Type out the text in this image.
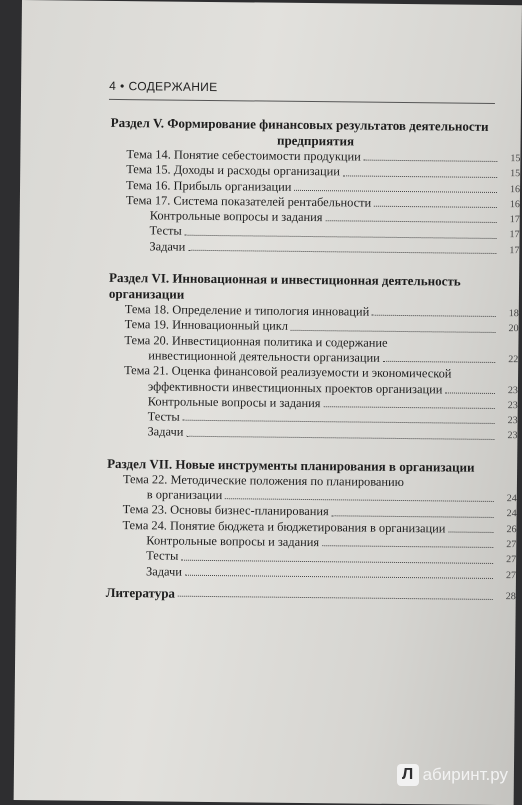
4 • СОДЕРЖАНИЕ
Раздел V. Формирование финансовых результатов деятельности
предприятия
Тема 14. Понятие себестоимости продукции	15
Тема 15. Доходы и расходы организации	15
Тема 16. Прибыль организации	16
Тема 17. Система показателей рентабельности	16
Контрольные вопросы и задания	17
Тесты	17
Задачи	17
Раздел VI. Инновационная и инвестиционная деятельность организации
Тема 18. Определение и типология инноваций	18
Тема 19. Инновационный цикл	20
Тема 20. Инвестиционная политика и содержание
инвестиционной деятельности организации	22
Тема 21. Оценка финансовой реализуемости и экономической
эффективности инвестиционных проектов организации	23
Контрольные вопросы и задания	23
Тесты	23
Задачи	23
Раздел VII. Новые инструменты планирования в организации
Тема 22. Методические положения по планированию
в организации	24
Тема 23. Основы бизнес-планирования	24
Тема 24. Понятие бюджета и бюджетирования в организации	26
Контрольные вопросы и задания	27
Тесты	27
Задачи	27
Литература	28
Л абиринт.ру
